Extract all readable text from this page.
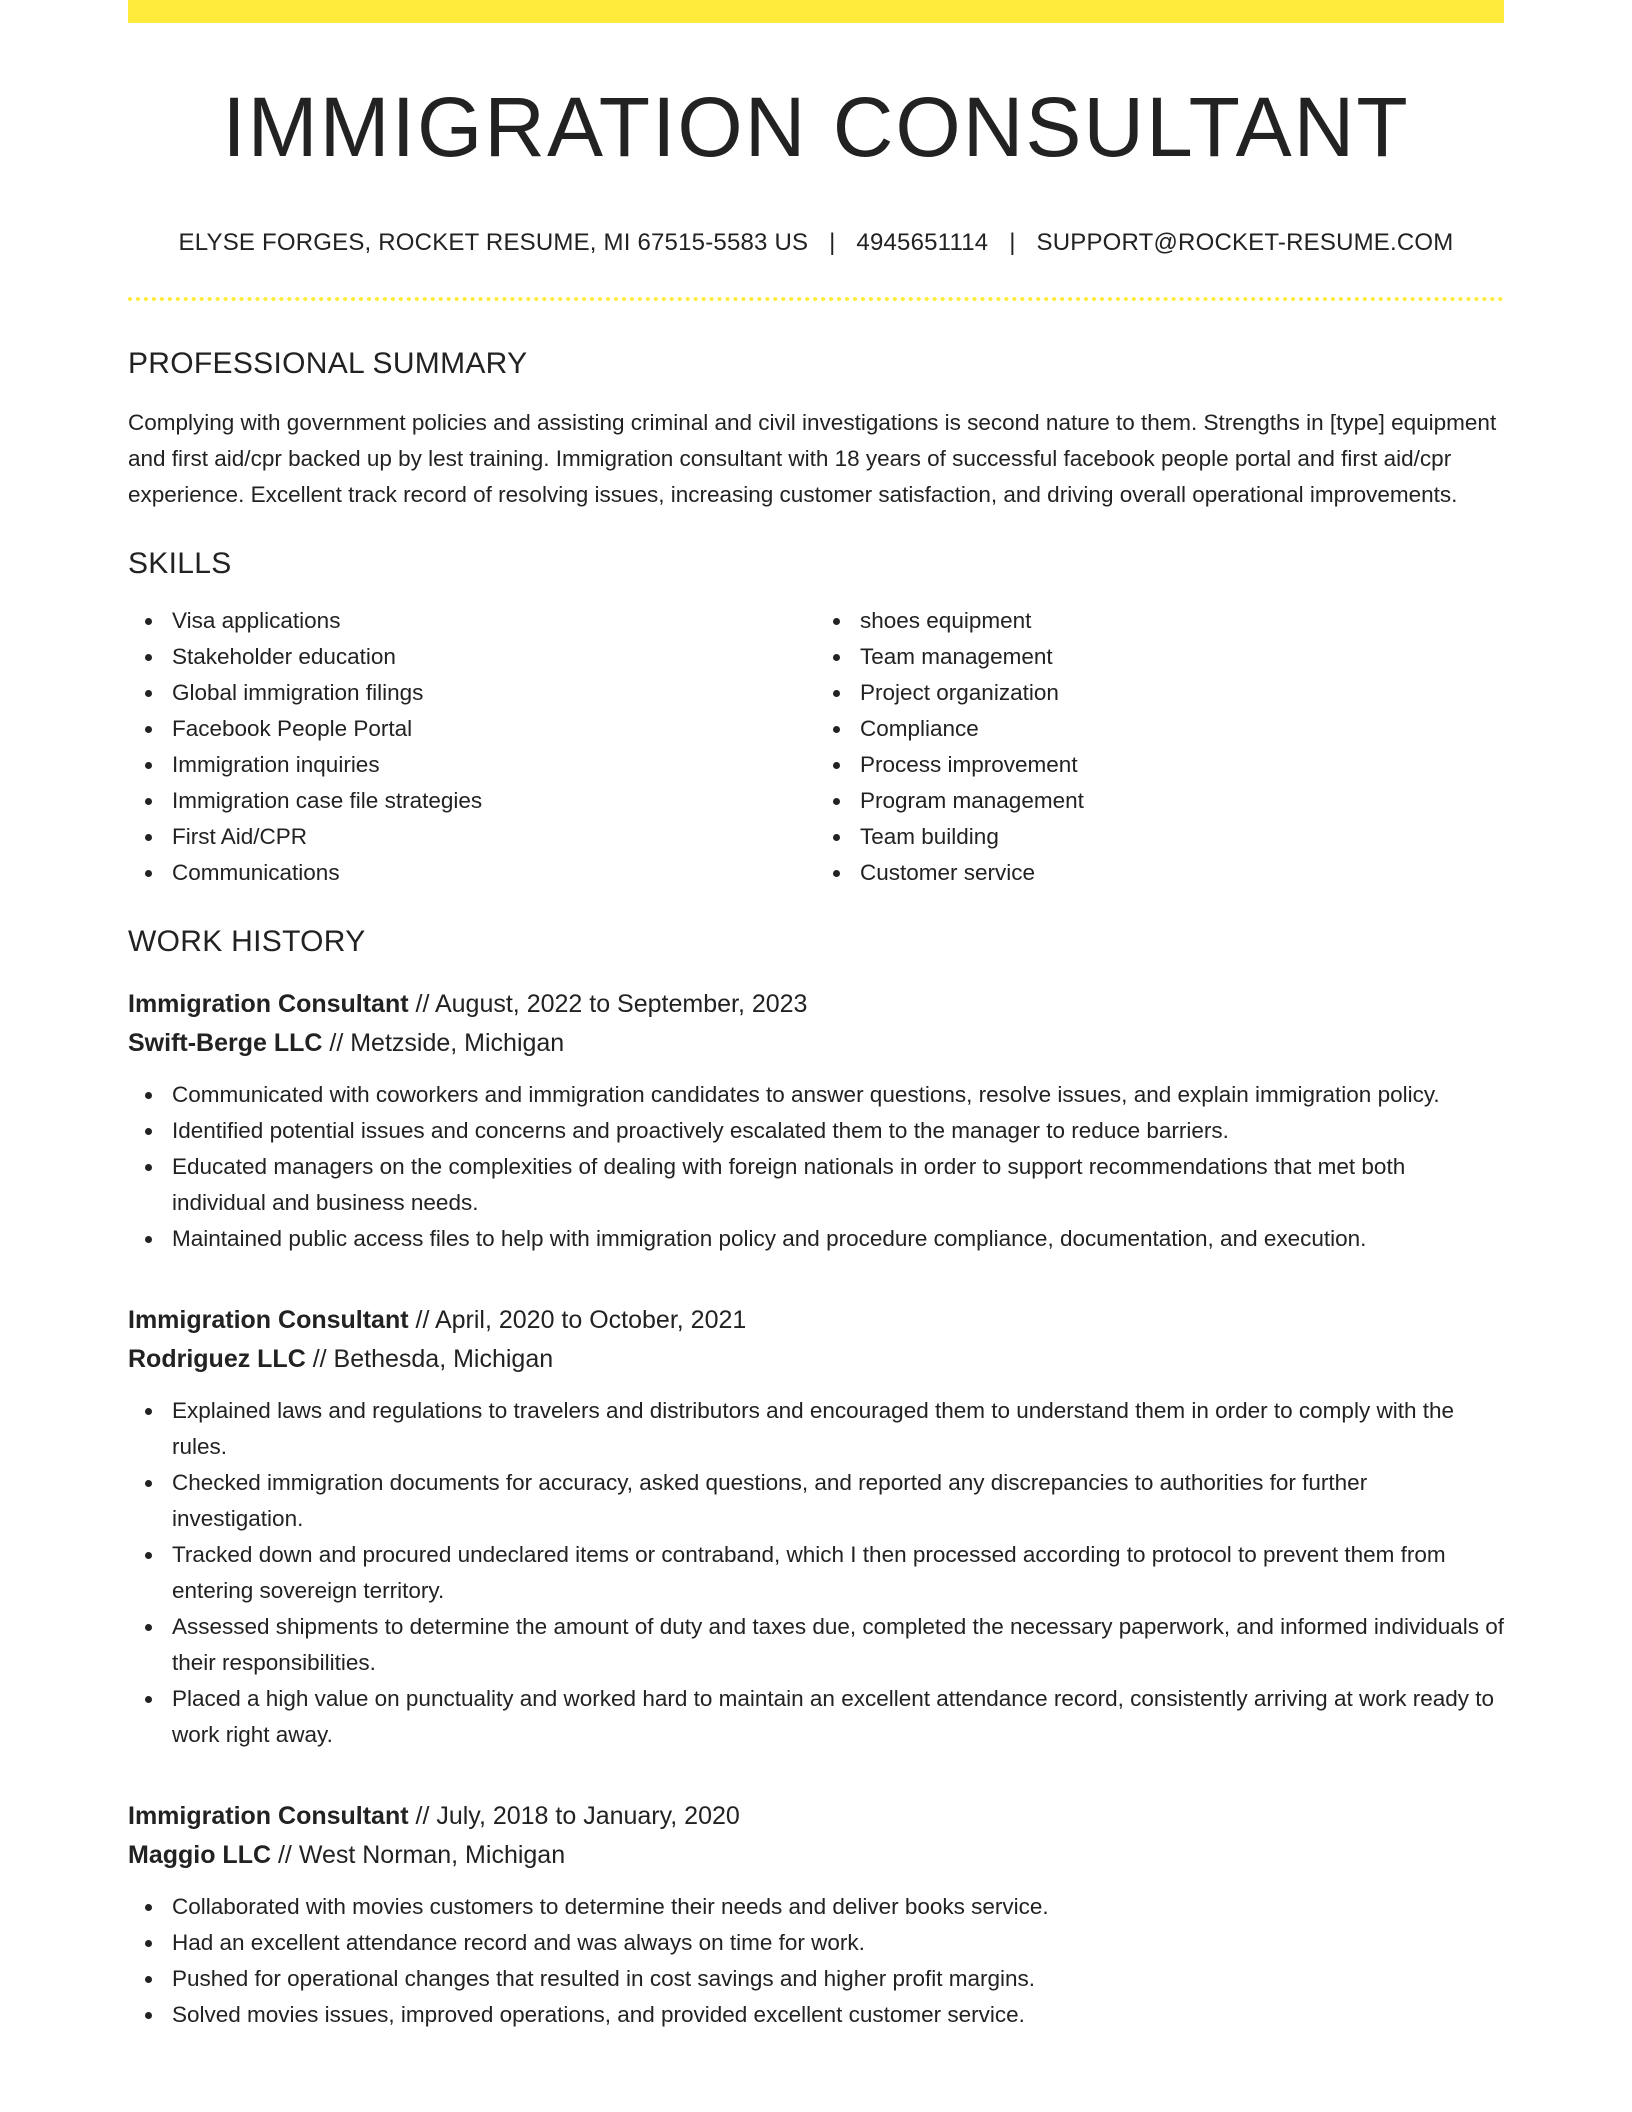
IMMIGRATION CONSULTANT
ELYSE FORGES, ROCKET RESUME, MI 67515-5583 US | 4945651114 | SUPPORT@ROCKET-RESUME.COM
PROFESSIONAL SUMMARY
Complying with government policies and assisting criminal and civil investigations is second nature to them. Strengths in [type] equipment and first aid/cpr backed up by lest training. Immigration consultant with 18 years of successful facebook people portal and first aid/cpr experience. Excellent track record of resolving issues, increasing customer satisfaction, and driving overall operational improvements.
SKILLS
Visa applications
Stakeholder education
Global immigration filings
Facebook People Portal
Immigration inquiries
Immigration case file strategies
First Aid/CPR
Communications
shoes equipment
Team management
Project organization
Compliance
Process improvement
Program management
Team building
Customer service
WORK HISTORY
Immigration Consultant // August, 2022 to September, 2023
Swift-Berge LLC // Metzside, Michigan
Communicated with coworkers and immigration candidates to answer questions, resolve issues, and explain immigration policy.
Identified potential issues and concerns and proactively escalated them to the manager to reduce barriers.
Educated managers on the complexities of dealing with foreign nationals in order to support recommendations that met both individual and business needs.
Maintained public access files to help with immigration policy and procedure compliance, documentation, and execution.
Immigration Consultant // April, 2020 to October, 2021
Rodriguez LLC // Bethesda, Michigan
Explained laws and regulations to travelers and distributors and encouraged them to understand them in order to comply with the rules.
Checked immigration documents for accuracy, asked questions, and reported any discrepancies to authorities for further investigation.
Tracked down and procured undeclared items or contraband, which I then processed according to protocol to prevent them from entering sovereign territory.
Assessed shipments to determine the amount of duty and taxes due, completed the necessary paperwork, and informed individuals of their responsibilities.
Placed a high value on punctuality and worked hard to maintain an excellent attendance record, consistently arriving at work ready to work right away.
Immigration Consultant // July, 2018 to January, 2020
Maggio LLC // West Norman, Michigan
Collaborated with movies customers to determine their needs and deliver books service.
Had an excellent attendance record and was always on time for work.
Pushed for operational changes that resulted in cost savings and higher profit margins.
Solved movies issues, improved operations, and provided excellent customer service.
